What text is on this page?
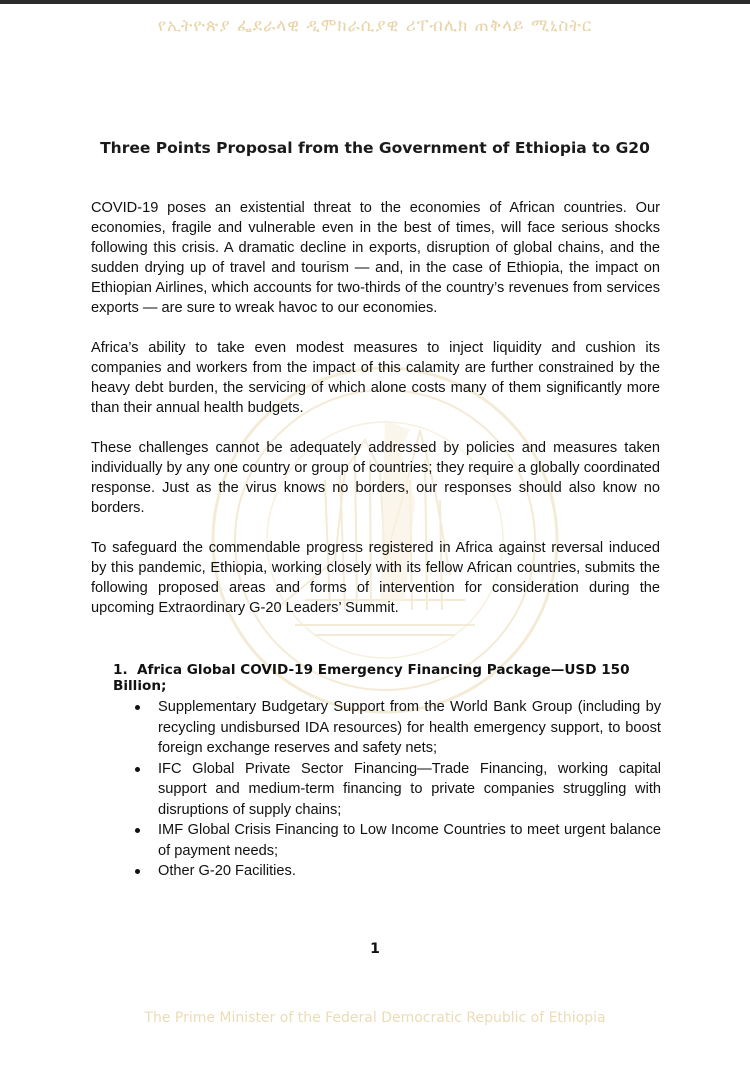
የኢትዮጵያ ፌደራላዊ ዲሞክራሲያዊ ሪፐብሊክ ጠቅላይ ሚኒስትር
Three Points Proposal from the Government of Ethiopia to G20

COVID-19 poses an existential threat to the economies of African countries. Our economies, fragile and vulnerable even in the best of times, will face serious shocks following this crisis. A dramatic decline in exports, disruption of global chains, and the sudden drying up of travel and tourism — and, in the case of Ethiopia, the impact on Ethiopian Airlines, which accounts for two-thirds of the country’s revenues from services exports — are sure to wreak havoc to our economies.

Africa’s ability to take even modest measures to inject liquidity and cushion its companies and workers from the impact of this calamity are further constrained by the heavy debt burden, the servicing of which alone costs many of them significantly more than their annual health budgets.

These challenges cannot be adequately addressed by policies and measures taken individually by any one country or group of countries; they require a globally coordinated response. Just as the virus knows no borders, our responses should also know no borders.

To safeguard the commendable progress registered in Africa against reversal induced by this pandemic, Ethiopia, working closely with its fellow African countries, submits the following proposed areas and forms of intervention for consideration during the upcoming Extraordinary G-20 Leaders’ Summit.

1. Africa Global COVID-19 Emergency Financing Package—USD 150 Billion;
Supplementary Budgetary Support from the World Bank Group (including by recycling undisbursed IDA resources) for health emergency support, to boost foreign exchange reserves and safety nets;
IFC Global Private Sector Financing—Trade Financing, working capital support and medium-term financing to private companies struggling with disruptions of supply chains;
IMF Global Crisis Financing to Low Income Countries to meet urgent balance of payment needs;
Other G-20 Facilities.
1
The Prime Minister of the Federal Democratic Republic of Ethiopia
